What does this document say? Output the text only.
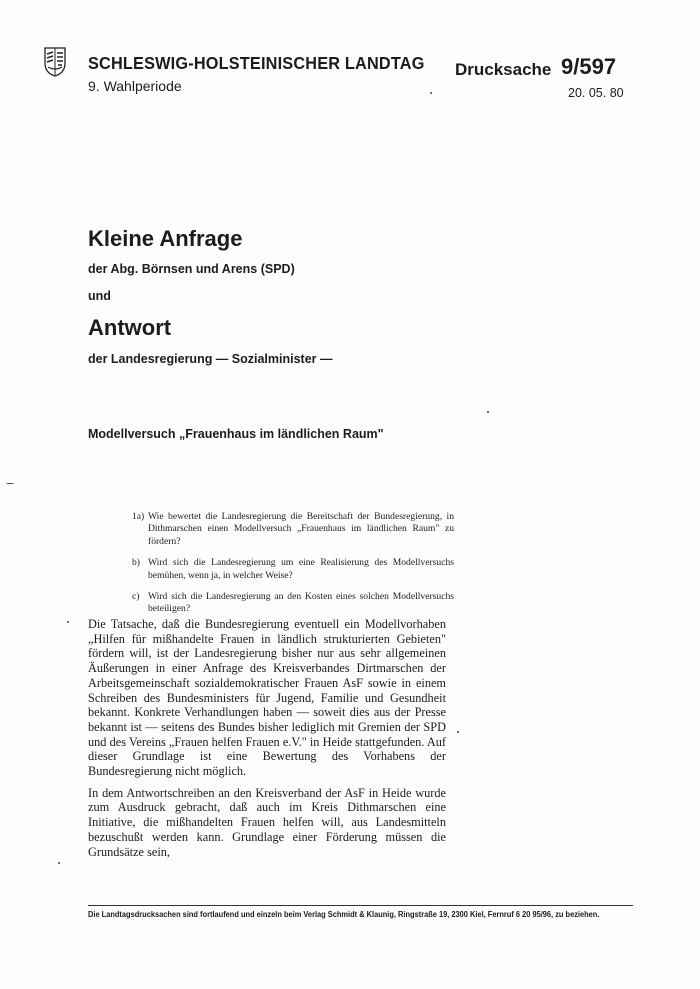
SCHLESWIG-HOLSTEINISCHER LANDTAG
9. Wahlperiode
Drucksache 9/597
20. 05. 80
Kleine Anfrage
der Abg. Börnsen und Arens (SPD)
und
Antwort
der Landesregierung — Sozialminister —
Modellversuch „Frauenhaus im ländlichen Raum"
1a) Wie bewertet die Landesregierung die Bereitschaft der Bundesregierung, in Dithmarschen einen Modellversuch „Frauenhaus im ländlichen Raum" zu fördern?
b) Wird sich die Landesregierung um eine Realisierung des Modellversuchs bemühen, wenn ja, in welcher Weise?
c) Wird sich die Landesregierung an den Kosten eines solchen Modellversuchs beteiligen?

Die Tatsache, daß die Bundesregierung eventuell ein Modellvorhaben „Hilfen für mißhandelte Frauen in ländlich strukturierten Gebieten" fördern will, ist der Landesregierung bisher nur aus sehr allgemeinen Äußerungen in einer Anfrage des Kreisverbandes Dirtmarschen der Arbeitsgemeinschaft sozialdemokratischer Frauen AsF sowie in einem Schreiben des Bundesministers für Jugend, Familie und Gesundheit bekannt. Konkrete Verhandlungen haben — soweit dies aus der Presse bekannt ist — seitens des Bundes bisher lediglich mit Gremien der SPD und des Vereins „Frauen helfen Frauen e.V." in Heide stattgefunden. Auf dieser Grundlage ist eine Bewertung des Vorhabens der Bundesregierung nicht möglich.

In dem Antwortschreiben an den Kreisverband der AsF in Heide wurde zum Ausdruck gebracht, daß auch im Kreis Dithmarschen eine Initiative, die mißhandelten Frauen helfen will, aus Landesmitteln bezuschußt werden kann. Grundlage einer Förderung müssen die Grundsätze sein,

Die Landtagsdrucksachen sind fortlaufend und einzeln beim Verlag Schmidt & Klaunig, Ringstraße 19, 2300 Kiel, Fernruf 6 20 95/96, zu beziehen.
